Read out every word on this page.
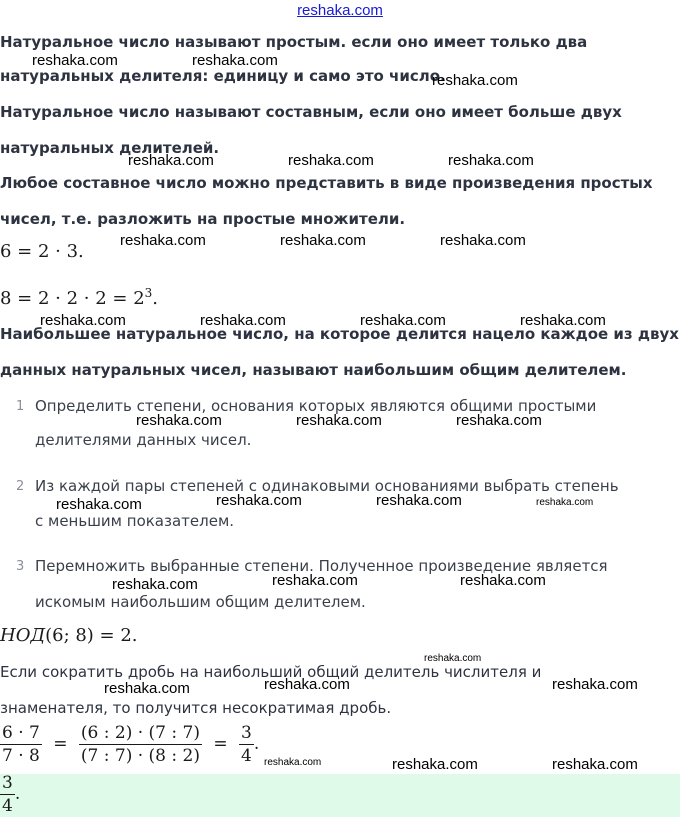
reshaka.com
Натуральное число называют простым. если оно имеет только два
натуральных делителя: единицу и само это число.
Натуральное число называют составным, если оно имеет больше двух
натуральных делителей.
Любое составное число можно представить в виде произведения простых
чисел, т.е. разложить на простые множители.
6 = 2 · 3.
$8 = 2 \cdot 2 \cdot 2 = 2^3$.
Наибольшее натуральное число, на которое делится нацело каждое из двух
данных натуральных чисел, называют наибольшим общим делителем.
1 Определить степени, основания которых являются общими простыми
делителями данных чисел.
2 Из каждой пары степеней с одинаковыми основаниями выбрать степень
с меньшим показателем.
3 Перемножить выбранные степени. Полученное произведение является
искомым наибольшим общим делителем.
НОД(6; 8) = 2.
Если сократить дробь на наибольший общий делитель числителя и
знаменателя, то получится несократимая дробь.
$\frac{6 \cdot 7}{7 \cdot 8} = \frac{(6 : 2) \cdot (7 : 7)}{(7 : 7) \cdot (8 : 2)} = \frac{3}{4}$ .
$\frac{3}{4}$ .
reshaka.com	reshaka.com
reshaka.com
reshaka.com	reshaka.com	reshaka.com
reshaka.com	reshaka.com	reshaka.com
reshaka.com	reshaka.com	reshaka.com	reshaka.com
reshaka.com	reshaka.com	reshaka.com
reshaka.com	reshaka.com	reshaka.com	reshaka.com
reshaka.com	reshaka.com	reshaka.com
reshaka.com
reshaka.com	reshaka.com	reshaka.com
reshaka.com	reshaka.com	reshaka.com
